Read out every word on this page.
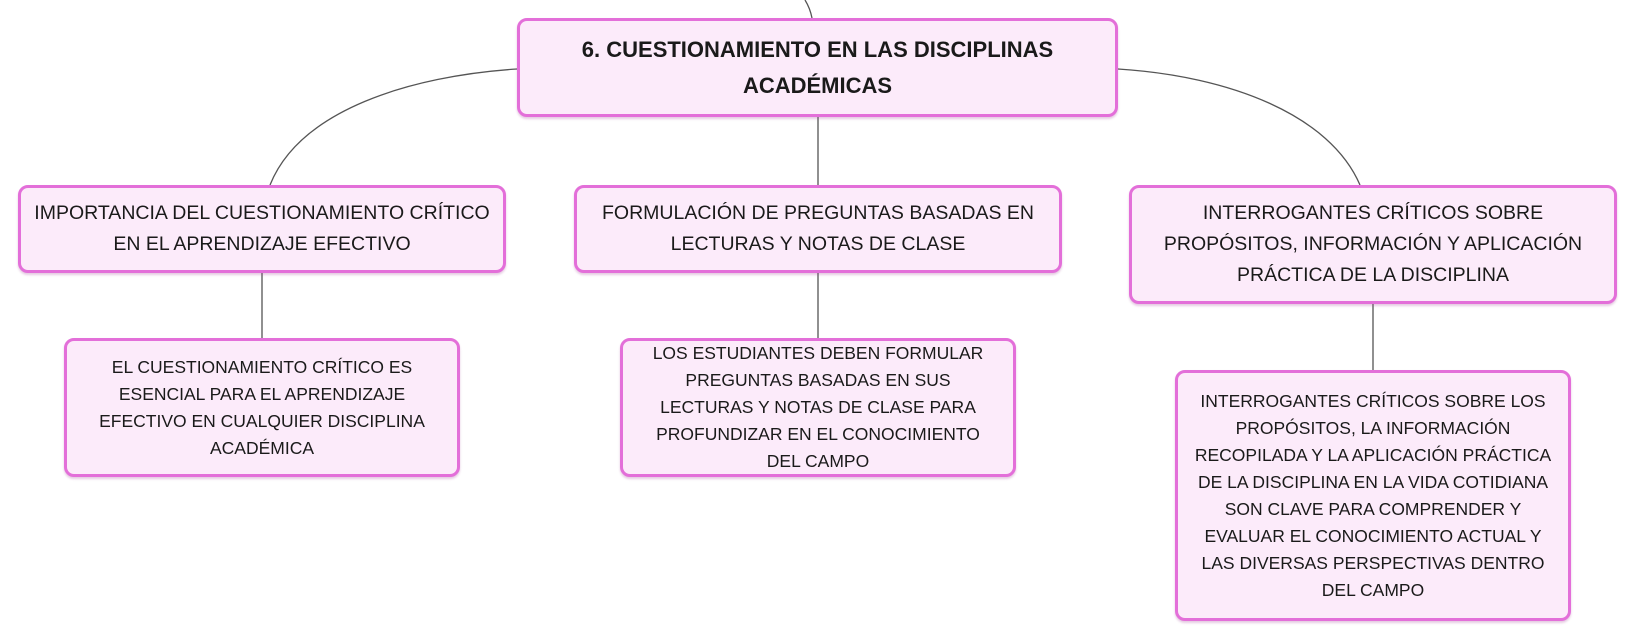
6. CUESTIONAMIENTO EN LAS DISCIPLINAS ACADÉMICAS
IMPORTANCIA DEL CUESTIONAMIENTO CRÍTICO EN EL APRENDIZAJE EFECTIVO
FORMULACIÓN DE PREGUNTAS BASADAS EN LECTURAS Y NOTAS DE CLASE
INTERROGANTES CRÍTICOS SOBRE PROPÓSITOS, INFORMACIÓN Y APLICACIÓN PRÁCTICA DE LA DISCIPLINA
EL CUESTIONAMIENTO CRÍTICO ES ESENCIAL PARA EL APRENDIZAJE EFECTIVO EN CUALQUIER DISCIPLINA ACADÉMICA
LOS ESTUDIANTES DEBEN FORMULAR PREGUNTAS BASADAS EN SUS LECTURAS Y NOTAS DE CLASE PARA PROFUNDIZAR EN EL CONOCIMIENTO DEL CAMPO
INTERROGANTES CRÍTICOS SOBRE LOS PROPÓSITOS, LA INFORMACIÓN RECOPILADA Y LA APLICACIÓN PRÁCTICA DE LA DISCIPLINA EN LA VIDA COTIDIANA SON CLAVE PARA COMPRENDER Y EVALUAR EL CONOCIMIENTO ACTUAL Y LAS DIVERSAS PERSPECTIVAS DENTRO DEL CAMPO
